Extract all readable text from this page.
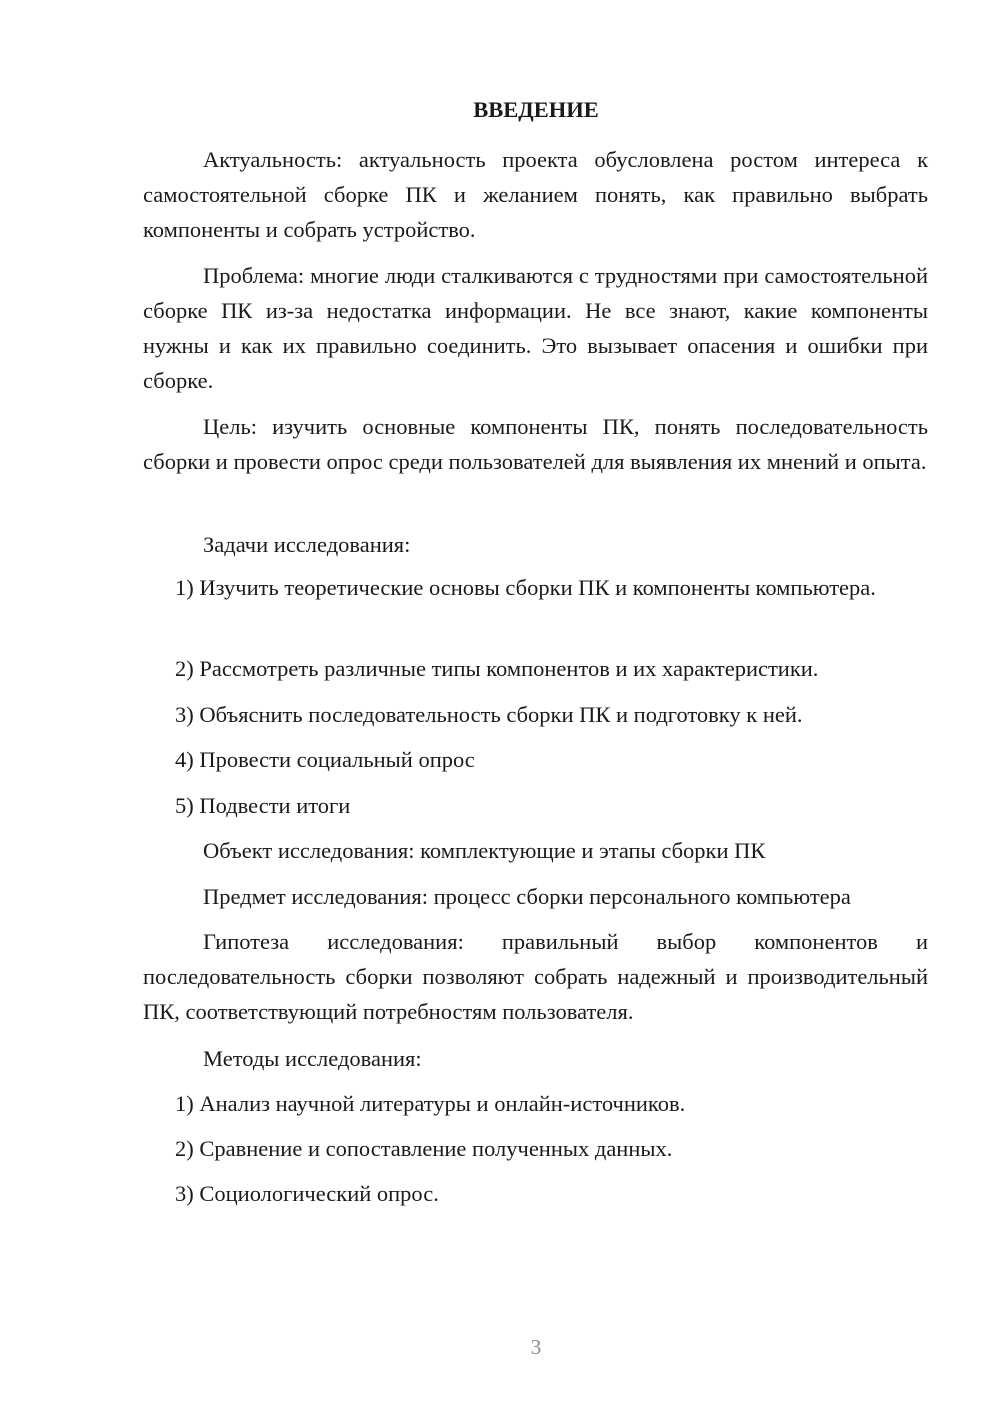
ВВЕДЕНИЕ

Актуальность: актуальность проекта обусловлена ростом интереса к самостоятельной сборке ПК и желанием понять, как правильно выбрать компоненты и собрать устройство.

Проблема: многие люди сталкиваются с трудностями при самостоятельной сборке ПК из-за недостатка информации. Не все знают, какие компоненты нужны и как их правильно соединить. Это вызывает опасения и ошибки при сборке.

Цель: изучить основные компоненты ПК, понять последовательность сборки и провести опрос среди пользователей для выявления их мнений и опыта.

Задачи исследования:

1) Изучить теоретические основы сборки ПК и компоненты компьютера.

2) Рассмотреть различные типы компонентов и их характеристики.

3) Объяснить последовательность сборки ПК и подготовку к ней.

4) Провести социальный опрос

5) Подвести итоги

Объект исследования: комплектующие и этапы сборки ПК

Предмет исследования: процесс сборки персонального компьютера

Гипотеза исследования: правильный выбор компонентов и последовательность сборки позволяют собрать надежный и производительный ПК, соответствующий потребностям пользователя.

Методы исследования:

1) Анализ научной литературы и онлайн-источников.

2) Сравнение и сопоставление полученных данных.

3) Социологический опрос.

3
